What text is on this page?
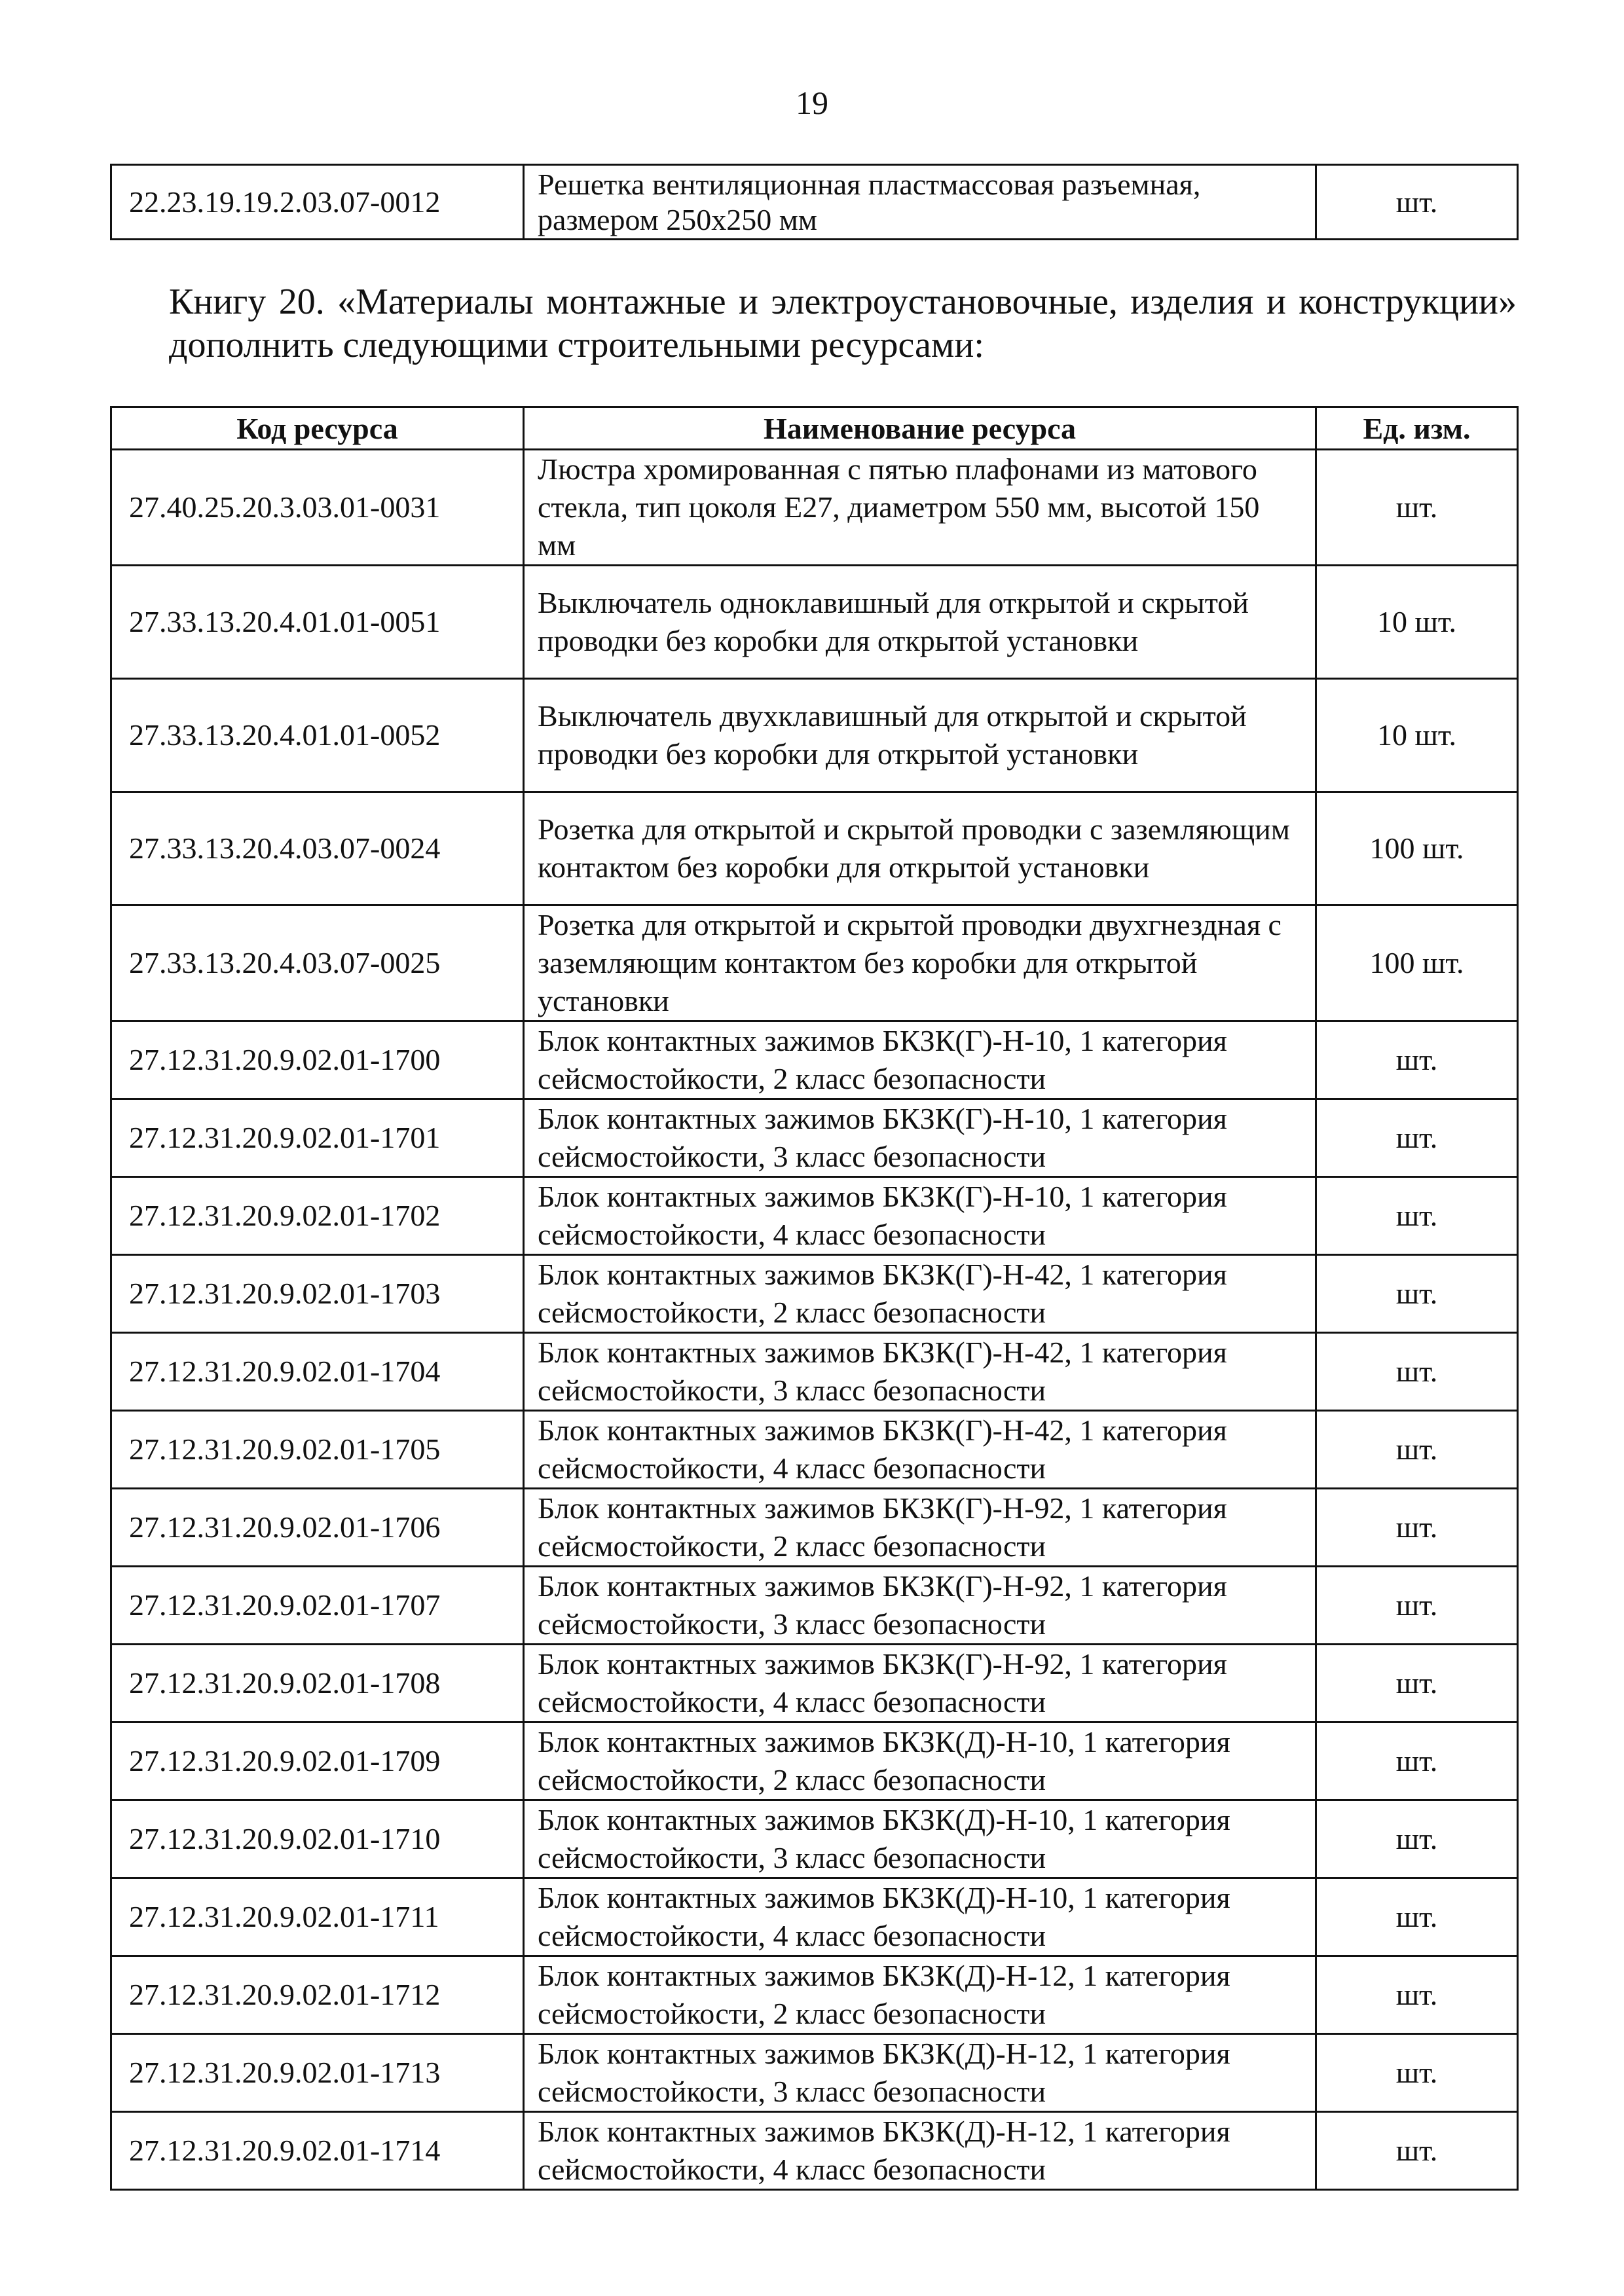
19
22.23.19.19.2.03.07-0012	Решетка вентиляционная пластмассовая разъемная, размером 250х250 мм	шт.
Книгу 20. «Материалы монтажные и электроустановочные, изделия и конструкции» дополнить следующими строительными ресурсами:
Код ресурса	Наименование ресурса	Ед. изм.
27.40.25.20.3.03.01-0031	Люстра хромированная с пятью плафонами из матового стекла, тип цоколя Е27, диаметром 550 мм, высотой 150 мм	шт.
27.33.13.20.4.01.01-0051	Выключатель одноклавишный для открытой и скрытой проводки без коробки для открытой установки	10 шт.
27.33.13.20.4.01.01-0052	Выключатель двухклавишный для открытой и скрытой проводки без коробки для открытой установки	10 шт.
27.33.13.20.4.03.07-0024	Розетка для открытой и скрытой проводки с заземляющим контактом без коробки для открытой установки	100 шт.
27.33.13.20.4.03.07-0025	Розетка для открытой и скрытой проводки двухгнездная с заземляющим контактом без коробки для открытой установки	100 шт.
27.12.31.20.9.02.01-1700	Блок контактных зажимов БКЗК(Г)-Н-10, 1 категория сейсмостойкости, 2 класс безопасности	шт.
27.12.31.20.9.02.01-1701	Блок контактных зажимов БКЗК(Г)-Н-10, 1 категория сейсмостойкости, 3 класс безопасности	шт.
27.12.31.20.9.02.01-1702	Блок контактных зажимов БКЗК(Г)-Н-10, 1 категория сейсмостойкости, 4 класс безопасности	шт.
27.12.31.20.9.02.01-1703	Блок контактных зажимов БКЗК(Г)-Н-42, 1 категория сейсмостойкости, 2 класс безопасности	шт.
27.12.31.20.9.02.01-1704	Блок контактных зажимов БКЗК(Г)-Н-42, 1 категория сейсмостойкости, 3 класс безопасности	шт.
27.12.31.20.9.02.01-1705	Блок контактных зажимов БКЗК(Г)-Н-42, 1 категория сейсмостойкости, 4 класс безопасности	шт.
27.12.31.20.9.02.01-1706	Блок контактных зажимов БКЗК(Г)-Н-92, 1 категория сейсмостойкости, 2 класс безопасности	шт.
27.12.31.20.9.02.01-1707	Блок контактных зажимов БКЗК(Г)-Н-92, 1 категория сейсмостойкости, 3 класс безопасности	шт.
27.12.31.20.9.02.01-1708	Блок контактных зажимов БКЗК(Г)-Н-92, 1 категория сейсмостойкости, 4 класс безопасности	шт.
27.12.31.20.9.02.01-1709	Блок контактных зажимов БКЗК(Д)-Н-10, 1 категория сейсмостойкости, 2 класс безопасности	шт.
27.12.31.20.9.02.01-1710	Блок контактных зажимов БКЗК(Д)-Н-10, 1 категория сейсмостойкости, 3 класс безопасности	шт.
27.12.31.20.9.02.01-1711	Блок контактных зажимов БКЗК(Д)-Н-10, 1 категория сейсмостойкости, 4 класс безопасности	шт.
27.12.31.20.9.02.01-1712	Блок контактных зажимов БКЗК(Д)-Н-12, 1 категория сейсмостойкости, 2 класс безопасности	шт.
27.12.31.20.9.02.01-1713	Блок контактных зажимов БКЗК(Д)-Н-12, 1 категория сейсмостойкости, 3 класс безопасности	шт.
27.12.31.20.9.02.01-1714	Блок контактных зажимов БКЗК(Д)-Н-12, 1 категория сейсмостойкости, 4 класс безопасности	шт.
